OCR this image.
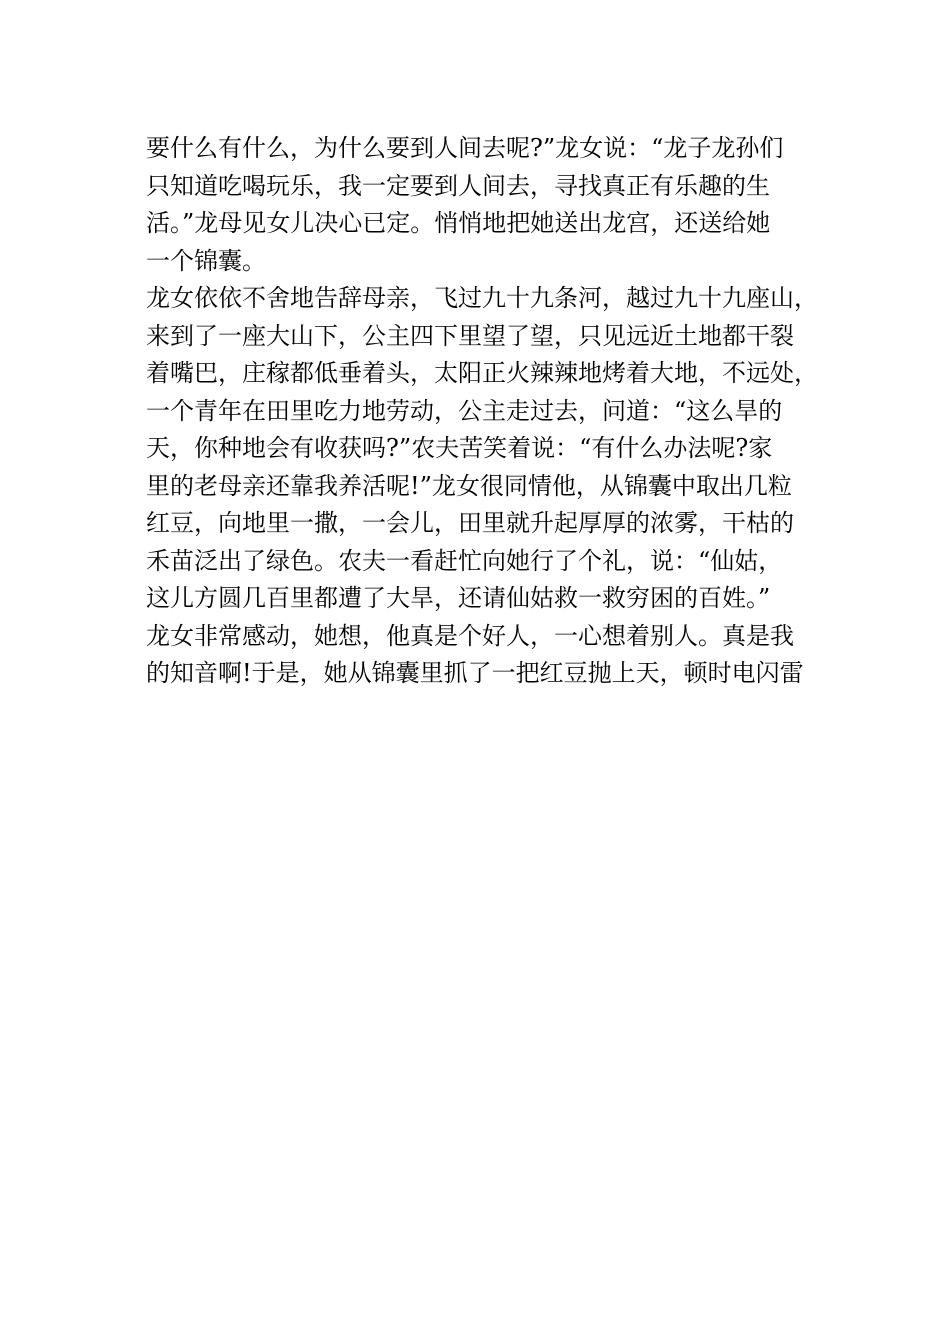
要什么有什么，为什么要到人间去呢?”龙女说：“龙子龙孙们

只知道吃喝玩乐，我一定要到人间去，寻找真正有乐趣的生

活。”龙母见女儿决心已定。悄悄地把她送出龙宫，还送给她

一个锦囊。

龙女依依不舍地告辞母亲，飞过九十九条河，越过九十九座山，

来到了一座大山下，公主四下里望了望，只见远近土地都干裂

着嘴巴，庄稼都低垂着头，太阳正火辣辣地烤着大地，不远处，

一个青年在田里吃力地劳动，公主走过去，问道：“这么旱的

天，你种地会有收获吗?”农夫苦笑着说：“有什么办法呢?家

里的老母亲还靠我养活呢!”龙女很同情他，从锦囊中取出几粒

红豆，向地里一撒，一会儿，田里就升起厚厚的浓雾，干枯的

禾苗泛出了绿色。农夫一看赶忙向她行了个礼，说：“仙姑，

这儿方圆几百里都遭了大旱，还请仙姑救一救穷困的百姓。”

龙女非常感动，她想，他真是个好人，一心想着别人。真是我

的知音啊!于是，她从锦囊里抓了一把红豆抛上天，顿时电闪雷
